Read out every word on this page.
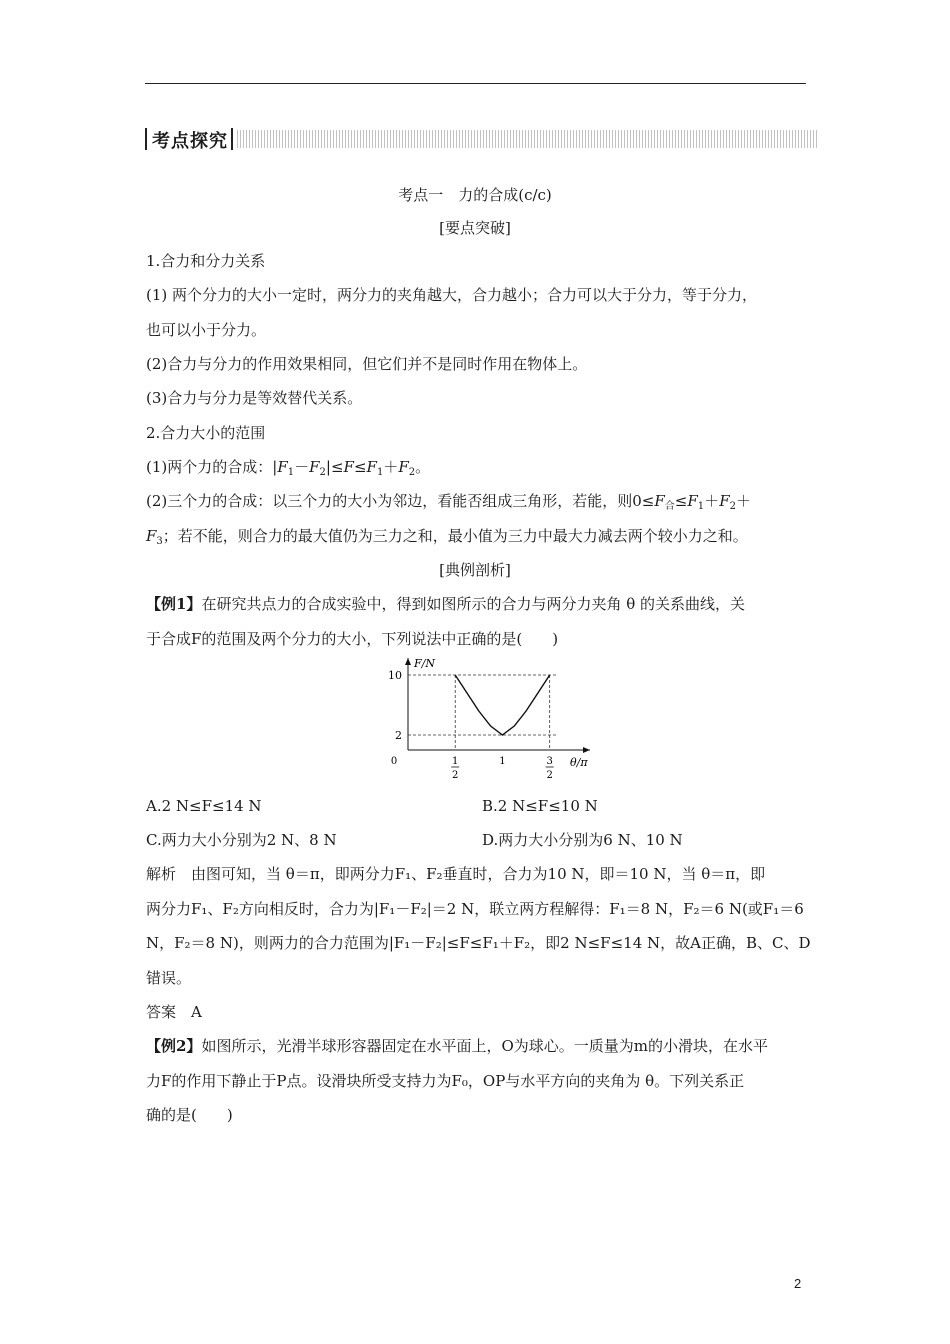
考点探究
考点一　力的合成(c/c)
[要点突破]
1.合力和分力关系
(1) 两个分力的大小一定时，两分力的夹角越大，合力越小；合力可以大于分力，等于分力，
也可以小于分力。
(2)合力与分力的作用效果相同，但它们并不是同时作用在物体上。
(3)合力与分力是等效替代关系。
2.合力大小的范围
(1)两个力的合成：$|F_1-F_2|\le F\le F_1+F_2$。
(2)三个力的合成：以三个力的大小为邻边，看能否组成三角形，若能，则$0\le F_合\le F_1+F_2+$
$F_3$；若不能，则合力的最大值仍为三力之和，最小值为三力中最大力减去两个较小力之和。
[典例剖析]
【例1】在研究共点力的合成实验中，得到如图所示的合力与两分力夹角 θ 的关系曲线，关
于合成F的范围及两个分力的大小，下列说法中正确的是(　　)
2
10
1
2
1	3
2
0
F/N
θ/π
A.2 N≤F≤14 N	B.2 N≤F≤10 N
C.两力大小分别为2 N、8 N	D.两力大小分别为6 N、10 N
解析　 由图可知，当 θ＝π，即两分力F₁、F₂垂直时，合力为10 N，即＝10 N，当 θ＝π，即
两分力F₁、F₂方向相反时，合力为|F₁－F₂|＝2 N，联立两方程解得：F₁＝8 N，F₂＝6 N(或F₁＝6
N，F₂＝8 N)，则两力的合力范围为|F₁－F₂|≤F≤F₁＋F₂，即2 N≤F≤14 N，故A正确，B、C、D
错误。
答案　A
【例2】如图所示，光滑半球形容器固定在水平面上，O为球心。一质量为m的小滑块，在水平
力F的作用下静止于P点。设滑块所受支持力为F₀，OP与水平方向的夹角为 θ。下列关系正
确的是(　　)
2
